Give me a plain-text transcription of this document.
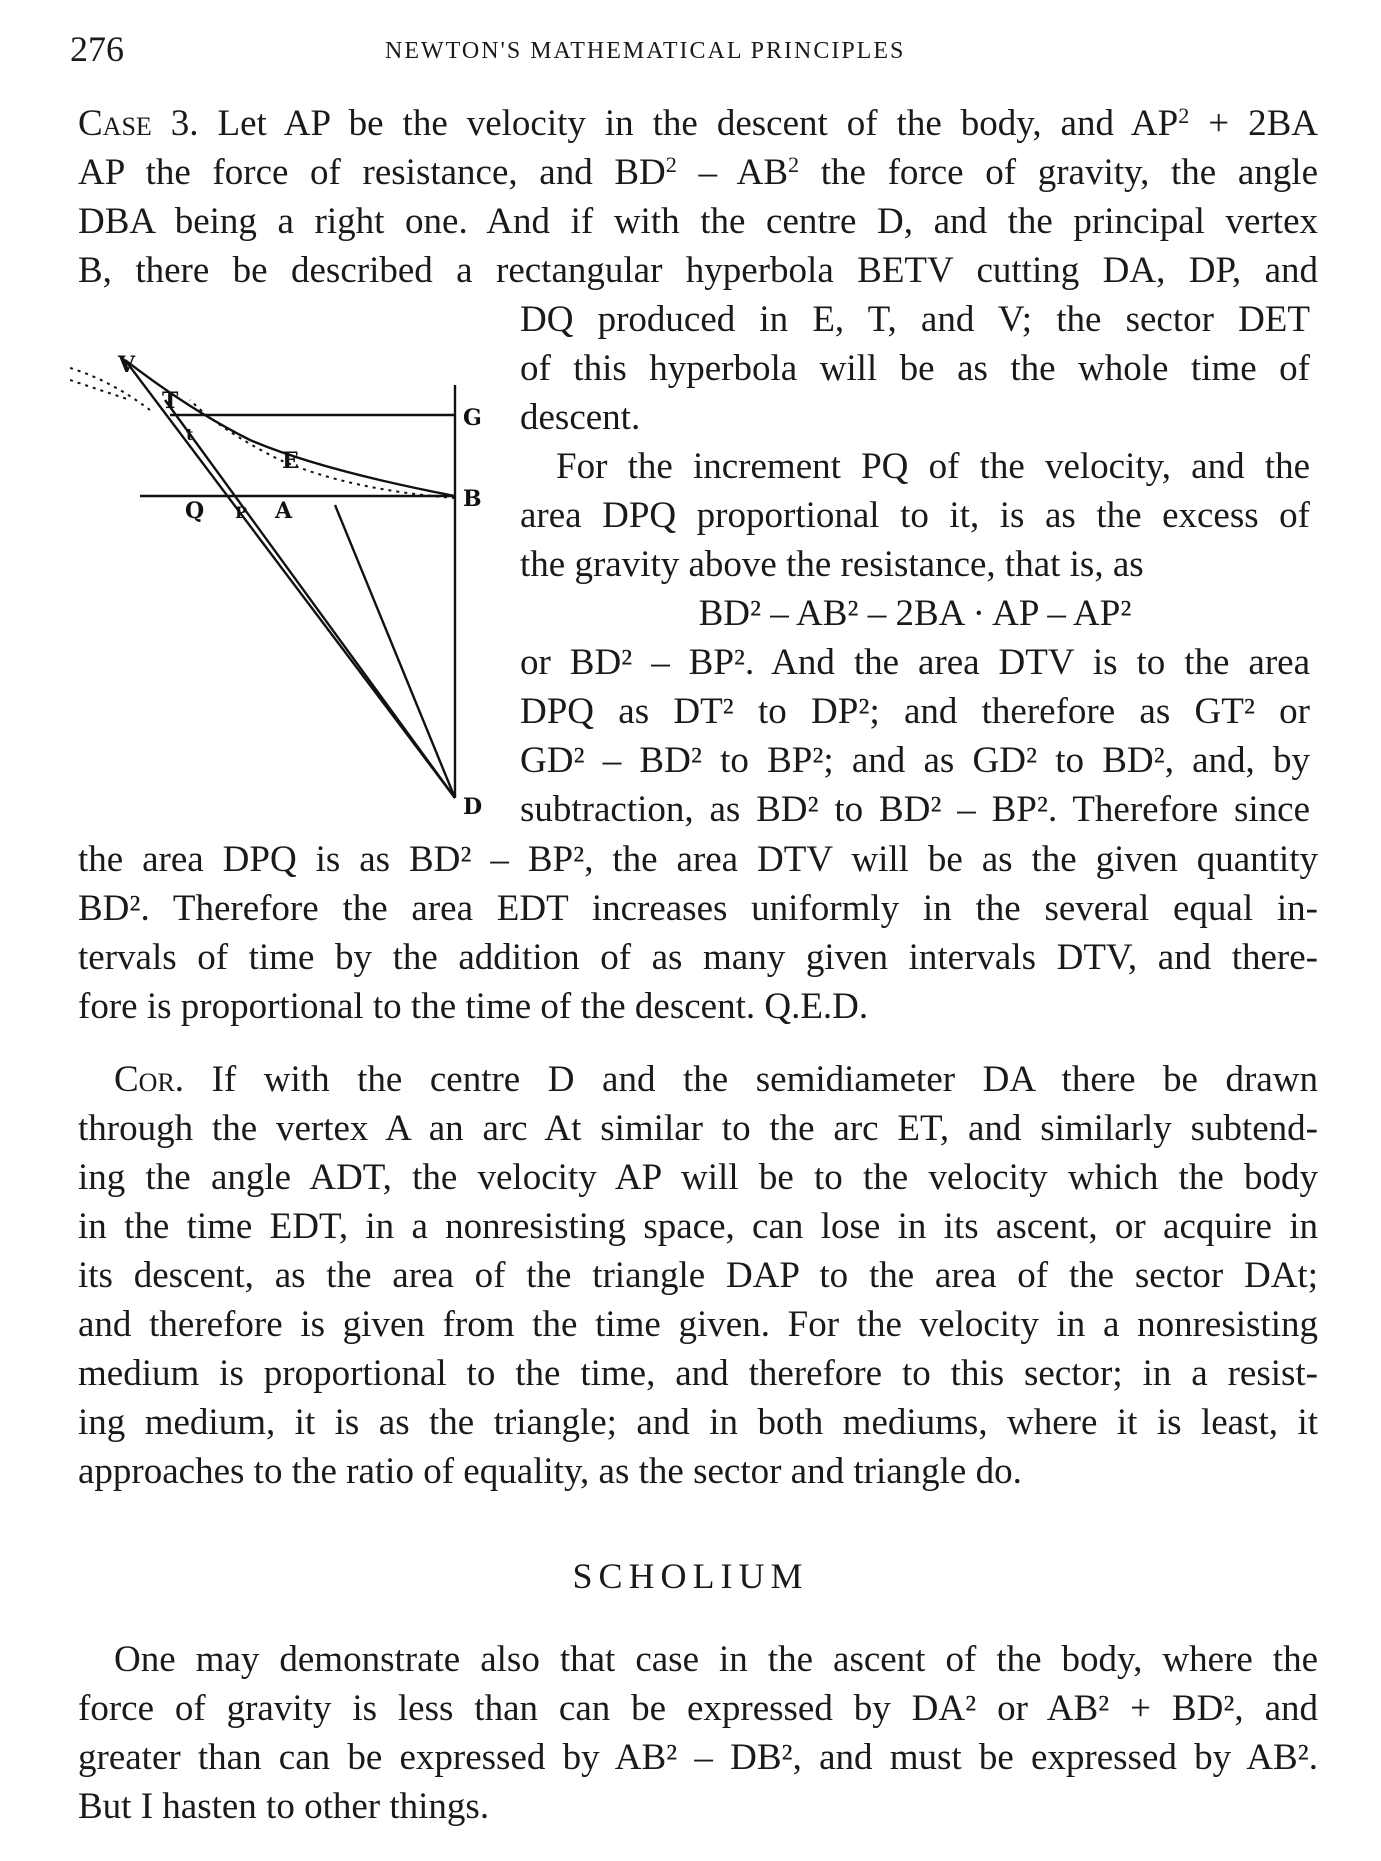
276	NEWTON'S MATHEMATICAL PRINCIPLES
Case 3. Let AP be the velocity in the descent of the body, and $AP^2 + 2BA$
AP the force of resistance, and $BD^2 - AB^2$ the force of gravity, the angle
DBA being a right one. And if with the centre D, and the principal vertex
B, there be described a rectangular hyperbola BETV cutting DA, DP, and
DQ produced in E, T, and V; the sector DET
of this hyperbola will be as the whole time of
descent.
For the increment PQ of the velocity, and the
area DPQ proportional to it, is as the excess of
the gravity above the resistance, that is, as
BD² – AB² – 2BA · AP – AP²
or BD² – BP². And the area DTV is to the area
DPQ as DT² to DP²; and therefore as GT² or
GD² – BD² to BP²; and as GD² to BD², and, by
subtraction, as BD² to BD² – BP². Therefore since
V
T
t
E
G
B
Q P A
D
the area DPQ is as BD² – BP², the area DTV will be as the given quantity
BD². Therefore the area EDT increases uniformly in the several equal in-
tervals of time by the addition of as many given intervals DTV, and there-
fore is proportional to the time of the descent. Q.E.D.
Cor. If with the centre D and the semidiameter DA there be drawn
through the vertex A an arc At similar to the arc ET, and similarly subtend-
ing the angle ADT, the velocity AP will be to the velocity which the body
in the time EDT, in a nonresisting space, can lose in its ascent, or acquire in
its descent, as the area of the triangle DAP to the area of the sector DAt;
and therefore is given from the time given. For the velocity in a nonresisting
medium is proportional to the time, and therefore to this sector; in a resist-
ing medium, it is as the triangle; and in both mediums, where it is least, it
approaches to the ratio of equality, as the sector and triangle do.
SCHOLIUM
One may demonstrate also that case in the ascent of the body, where the
force of gravity is less than can be expressed by DA² or AB² + BD², and
greater than can be expressed by AB² – DB², and must be expressed by AB².
But I hasten to other things.
